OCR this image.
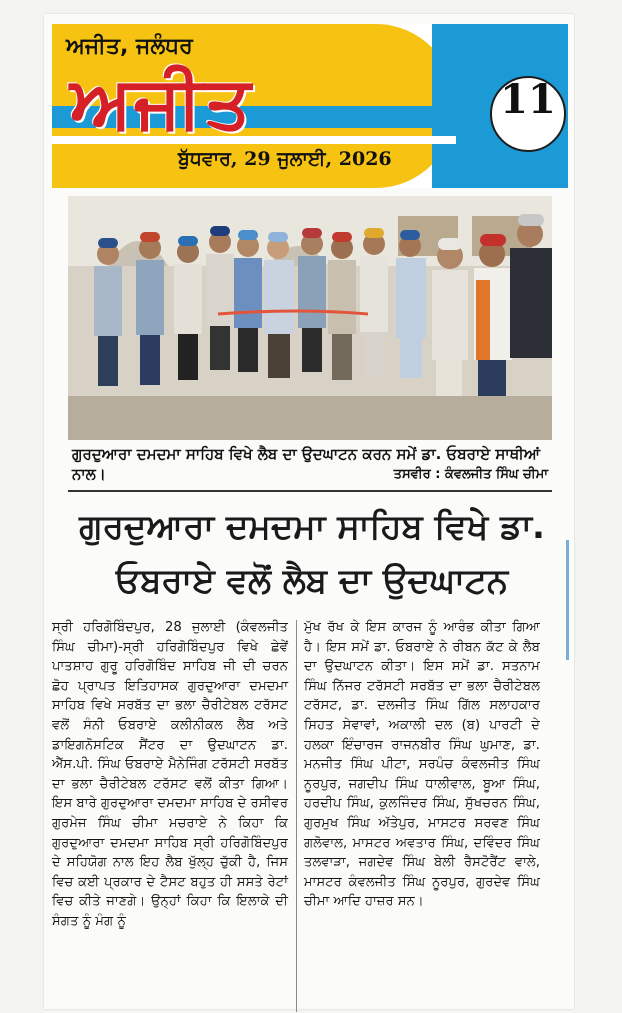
ਅਜੀਤ, ਜਲੰਧਰ
ਅਜੀਤ
ਬੁੱਧਵਾਰ, 29 ਜੁਲਾਈ, 2026
11
ਗੁਰਦੁਆਰਾ ਦਮਦਮਾ ਸਾਹਿਬ ਵਿਖੇ ਲੈਬ ਦਾ ਉਦਘਾਟਨ ਕਰਨ ਸਮੇਂ ਡਾ. ਓਬਰਾਏ ਸਾਥੀਆਂ ਨਾਲ।	ਤਸਵੀਰ : ਕੰਵਲਜੀਤ ਸਿੰਘ ਚੀਮਾ
ਗੁਰਦੁਆਰਾ ਦਮਦਮਾ ਸਾਹਿਬ ਵਿਖੇ ਡਾ.
ਓਬਰਾਏ ਵਲੋਂ ਲੈਬ ਦਾ ਉਦਘਾਟਨ

ਸ੍ਰੀ ਹਰਿਗੋਬਿੰਦਪੁਰ, 28 ਜੁਲਾਈ (ਕੰਵਲਜੀਤ ਸਿੰਘ ਚੀਮਾ)-ਸ੍ਰੀ ਹਰਿਗੋਬਿੰਦਪੁਰ ਵਿਖੇ ਛੇਵੇਂ ਪਾਤਸ਼ਾਹ ਗੁਰੂ ਹਰਿਗੋਬਿੰਦ ਸਾਹਿਬ ਜੀ ਦੀ ਚਰਨ ਛੋਹ ਪ੍ਰਾਪਤ ਇਤਿਹਾਸਕ ਗੁਰਦੁਆਰਾ ਦਮਦਮਾ ਸਾਹਿਬ ਵਿਖੇ ਸਰਬੱਤ ਦਾ ਭਲਾ ਚੈਰੀਟੇਬਲ ਟਰੱਸਟ ਵਲੋਂ ਸੰਨੀ ਓਬਰਾਏ ਕਲੀਨੀਕਲ ਲੈਬ ਅਤੇ ਡਾਇਗਨੋਸਟਿਕ ਸੈਂਟਰ ਦਾ ਉਦਘਾਟਨ ਡਾ. ਐੱਸ.ਪੀ. ਸਿੰਘ ਓਬਰਾਏ ਮੈਨੇਜਿੰਗ ਟਰੱਸਟੀ ਸਰਬੱਤ ਦਾ ਭਲਾ ਚੈਰੀਟੇਬਲ ਟਰੱਸਟ ਵਲੋਂ ਕੀਤਾ ਗਿਆ। ਇਸ ਬਾਰੇ ਗੁਰਦੁਆਰਾ ਦਮਦਮਾ ਸਾਹਿਬ ਦੇ ਰਸੀਵਰ ਗੁਰਮੇਜ ਸਿੰਘ ਚੀਮਾ ਮਚਰਾਏ ਨੇ ਕਿਹਾ ਕਿ ਗੁਰਦੁਆਰਾ ਦਮਦਮਾ ਸਾਹਿਬ ਸ੍ਰੀ ਹਰਿਗੋਬਿੰਦਪੁਰ ਦੇ ਸਹਿਯੋਗ ਨਾਲ ਇਹ ਲੈਬ ਖੁੱਲ੍ਹ ਚੁੱਕੀ ਹੈ, ਜਿਸ ਵਿਚ ਕਈ ਪ੍ਰਕਾਰ ਦੇ ਟੈਸਟ ਬਹੁਤ ਹੀ ਸਸਤੇ ਰੇਟਾਂ ਵਿਚ ਕੀਤੇ ਜਾਣਗੇ। ਉਨ੍ਹਾਂ ਕਿਹਾ ਕਿ ਇਲਾਕੇ ਦੀ ਸੰਗਤ ਨੂੰ ਮੰਗ ਨੂੰ

ਮੁੱਖ ਰੱਖ ਕੇ ਇਸ ਕਾਰਜ ਨੂੰ ਆਰੰਭ ਕੀਤਾ ਗਿਆ ਹੈ। ਇਸ ਸਮੇਂ ਡਾ. ਓਬਰਾਏ ਨੇ ਰੀਬਨ ਕੱਟ ਕੇ ਲੈਬ ਦਾ ਉਦਘਾਟਨ ਕੀਤਾ। ਇਸ ਸਮੇਂ ਡਾ. ਸਤਨਾਮ ਸਿੰਘ ਨਿੱਜਰ ਟਰੱਸਟੀ ਸਰਬੱਤ ਦਾ ਭਲਾ ਚੈਰੀਟੇਬਲ ਟਰੱਸਟ, ਡਾ. ਦਲਜੀਤ ਸਿੰਘ ਗਿੱਲ ਸਲਾਹਕਾਰ ਸਿਹਤ ਸੇਵਾਵਾਂ, ਅਕਾਲੀ ਦਲ (ਬ) ਪਾਰਟੀ ਦੇ ਹਲਕਾ ਇੰਚਾਰਜ ਰਾਜਨਬੀਰ ਸਿੰਘ ਘੁਮਾਣ, ਡਾ. ਮਨਜੀਤ ਸਿੰਘ ਪੀਟਾ, ਸਰਪੰਚ ਕੰਵਲਜੀਤ ਸਿੰਘ ਨੂਰਪੁਰ, ਜਗਦੀਪ ਸਿੰਘ ਧਾਲੀਵਾਲ, ਬੂਆ ਸਿੰਘ, ਹਰਦੀਪ ਸਿੰਘ, ਕੁਲਜਿੰਦਰ ਸਿੰਘ, ਸੁੱਖਚਰਨ ਸਿੰਘ, ਗੁਰਮੁਖ ਸਿੰਘ ਅੱਤੇਪੁਰ, ਮਾਸਟਰ ਸਰਵਣ ਸਿੰਘ ਗਲੋਵਾਲ, ਮਾਸਟਰ ਅਵਤਾਰ ਸਿੰਘ, ਦਵਿੰਦਰ ਸਿੰਘ ਤਲਵਾੜਾ, ਜਗਦੇਵ ਸਿੰਘ ਬੇਲੀ ਰੈਸਟੋਰੈਂਟ ਵਾਲੇ, ਮਾਸਟਰ ਕੰਵਲਜੀਤ ਸਿੰਘ ਨੂਰਪੁਰ, ਗੁਰਦੇਵ ਸਿੰਘ ਚੀਮਾ ਆਦਿ ਹਾਜ਼ਰ ਸਨ।
